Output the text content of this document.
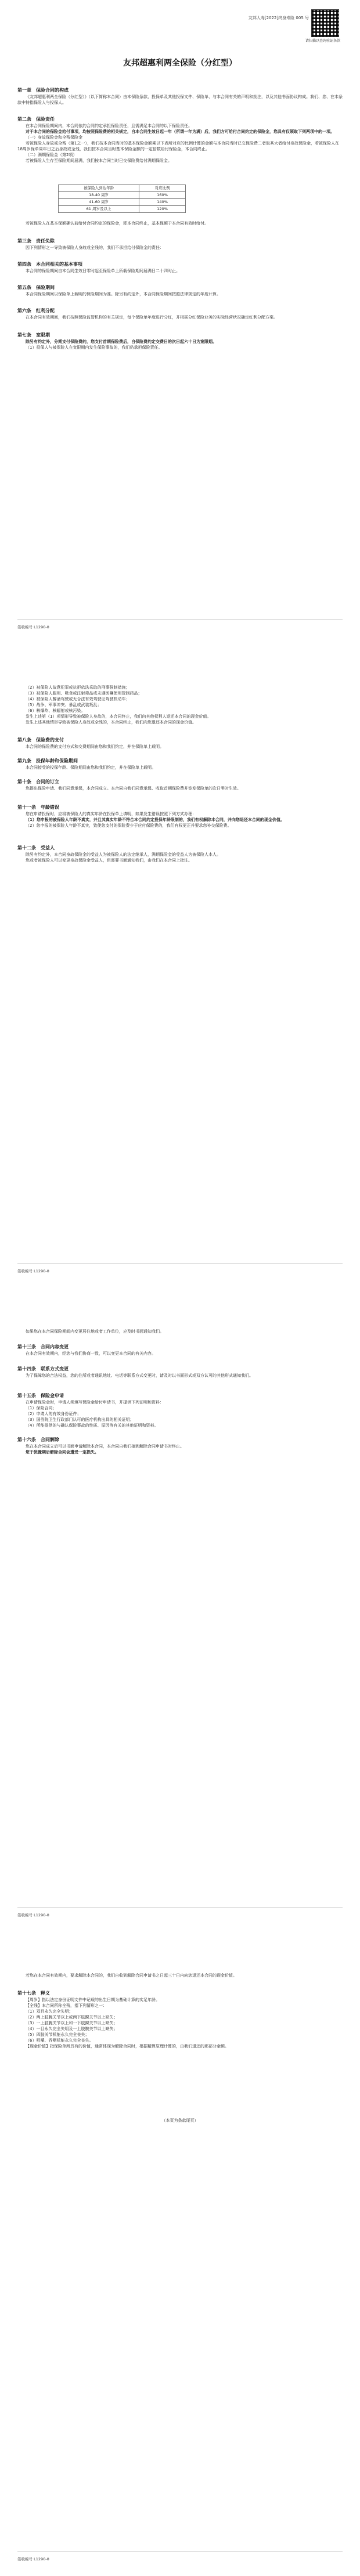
友邦人寿[2022]终身寿险 005 号
请扫描以查询验证条款
友邦超惠利两全保险（分红型）
第一章　保险合同的构成

《友邦超惠利两全保险（分红型）》（以下简称本合同）由本保险条款、投保单及其他投保文件、保险单、与本合同有关的声明和批注，以及其他书面协议构成。我们、您、在本条款中特指保险人与投保人。

第二条　保险责任

在本合同保险期间内，本合同依约合同约定承担保险责任，且需满足本合同的以下保险责任。

对于本合同的保险金给付事项，均按照保险费的相关规定，自本合同生效日起一年（所谓一年为满）后，我们方可给付合同约定的保险金，您具有仅领取下列两项中的一项。

（一）身故保险金和全残保险金

若被保险人身故或全残（第1之一），我们按本合同当时的基本保险金额乘以下表所对应的比例计算的金额与本合同当时已交保险费二者取其大者给付身故保险金，若被保险人在18周岁保单周年日之后身故或全残，我们按本合同当时基本保险金额的一定倍数给付保险金，本合同终止。

（二）满期保险金（第2项）

若被保险人生存至保险期间届满，我们按本合同当时已交保险费给付满期保险金。

被保险人到达年龄	对应比例
18-40 周岁	160%
41-60 周岁	140%
61 周岁及以上	120%

若被保险人在基本保额确认前给付合同约定的保险金，即本合同终止，基本保额于本合同有效时给付。

第三条　责任免除

因下列情形之一导致被保险人身故或全残的，我们不承担给付保险金的责任：

第四条　本合同相关的基本事项

本合同的保险期间自本合同生效日零时起至保险单上所载保险期间届满日二十四时止。

第五条　保险期间

本合同保险期间以保险单上载明的保险期间为准。除另有约定外，本合同保险期间按照法律规定的年度计算。

第六条　红利分配

在本合同有效期间，我们按照保险监管机构的有关规定，每个保险单年度进行分红，并根据分红保险业务的实际经营状况确定红利分配方案。

第七条　宽限期

除另有约定外，分期支付保险费的，您支付首期保险费后，自保险费约定交费日的次日起六十日为宽限期。

（1）投保人与被保险人在宽限期内发生保险事故的，我们仍承担保险责任。

签收编号 L1290-0

（2）被保险人故意犯罪或抗拒依法采取的刑事强制措施；

（3）被保险人服用、吸食或注射毒品或未遵医嘱使用管制药品；

（4）被保险人醉酒驾驶或无合法有效驾驶证驾驶机动车；

（5）战争、军事冲突、暴乱或武装叛乱；

（6）核爆炸、核辐射或核污染。

发生上述第（1）项情形导致被保险人身故的，本合同终止，我们向其他权利人退还本合同的现金价值。

发生上述其他情形导致被保险人身故或全残的，本合同终止，我们向您退还本合同的现金价值。

第八条　保险费的支付

本合同的保险费的支付方式和交费期间由您和我们约定，并在保险单上载明。

第九条　投保年龄和保险期间

本合同接受的投保年龄、保险期间由您和我们约定，并在保险单上载明。

第十条　合同的订立

您提出保险申请、我们同意承保，本合同成立。本合同自我们同意承保、收取首期保险费并签发保险单的次日零时生效。

第十一条　年龄错误

您在申请投保时，应将被保险人的真实年龄在投保单上填明，如果发生错误按照下列方式办理：

（1）您申报的被保险人年龄不真实，并且其真实年龄不符合本合同约定投保年龄限制的，我们有权解除本合同，并向您退还本合同的现金价值。

（2）您申报的被保险人年龄不真实，致使您支付的保险费少于应付保险费的，我们有权更正并要求您补交保险费。

第十二条　受益人

除另有约定外，本合同身故保险金的受益人为被保险人的法定继承人，满期保险金的受益人为被保险人本人。

您或者被保险人可以变更身故保险金受益人，但需要书面通知我们，由我们在本合同上批注。

签收编号 L1290-0

如果您在本合同保险期间内变更居住地或者工作单位，应及时书面通知我们。

第十三条　合同内容变更

在本合同有效期内，经您与我们协商一致，可以变更本合同的有关内容。

第十四条　联系方式变更

为了保障您的合法权益，您的住所或者通讯地址、电话等联系方式变更时，请及时以书面形式或双方认可的其他形式通知我们。

第十五条　保险金申请

在申请保险金时，申请人须填写保险金给付申请书，并提供下列证明和资料：

（1）保险合同；

（2）申请人的有效身份证件；

（3）国务院卫生行政部门认可的医疗机构出具的相关证明；

（4）所能提供的与确认保险事故的性质、原因等有关的其他证明和资料。

第十六条　合同解除

您在本合同成立后可以书面申请解除本合同，本合同自我们接到解除合同申请书时终止。

您于犹豫期后解除合同会遭受一定损失。

签收编号 L1290-0

若您在本合同有效期内，要求解除本合同的，我们自收到解除合同申请书之日起三十日内向您退还本合同的现金价值。

第十七条　释义

【周岁】指以法定身份证明文件中记载的出生日期为基础计算的实足年龄。

【全残】本合同所称全残，指下列情形之一：

（1）双目永久完全失明；

（2）两上肢腕关节以上或两下肢踝关节以上缺失；

（3）一上肢腕关节以上和一下肢踝关节以上缺失；

（4）一目永久完全失明及一上肢腕关节以上缺失；

（5）四肢关节机能永久完全丧失；

（6）咀嚼、吞咽机能永久完全丧失。

【现金价值】指保险单所具有的价值，通常体现为解除合同时，根据精算原理计算的，由我们退还的那部分金额。

（本页为条款尾页）
签收编号 L1290-0
